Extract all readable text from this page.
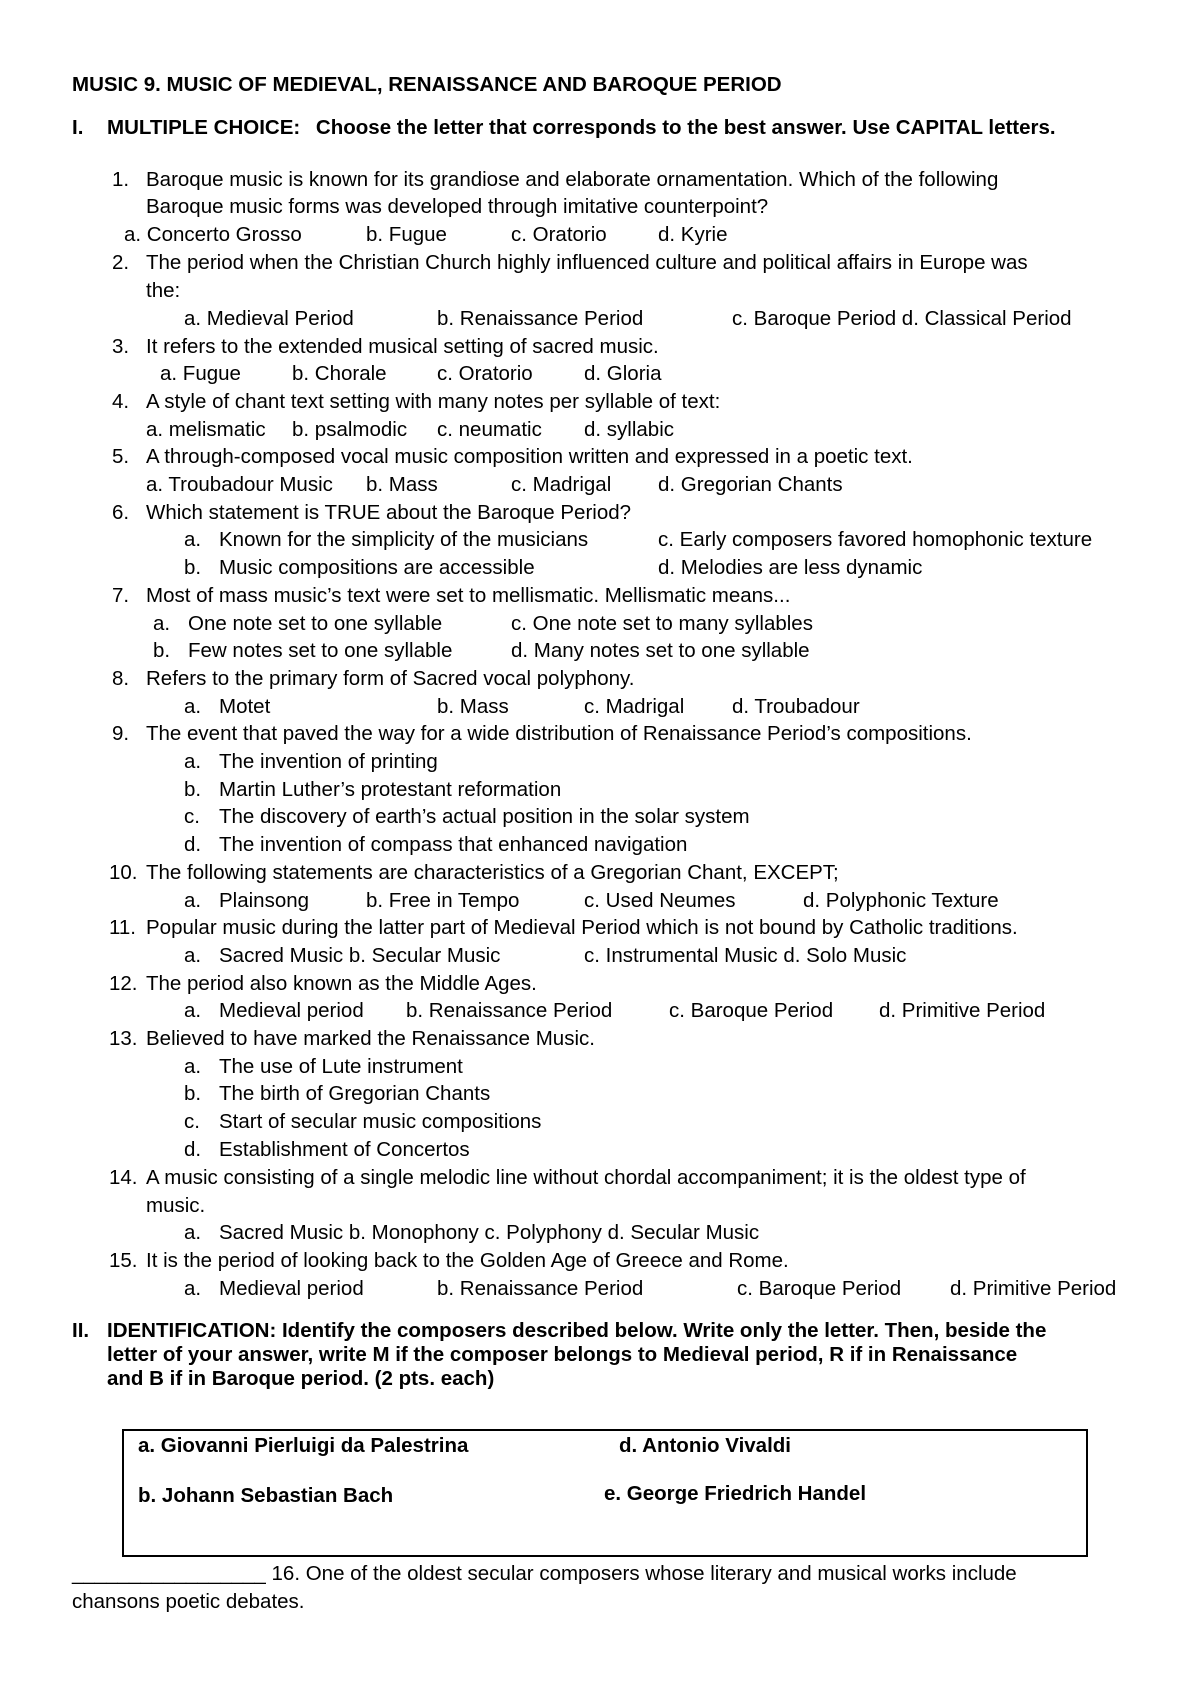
MUSIC 9. MUSIC OF MEDIEVAL, RENAISSANCE AND BAROQUE PERIOD
I. MULTIPLE CHOICE: Choose the letter that corresponds to the best answer. Use CAPITAL letters.
1. Baroque music is known for its grandiose and elaborate ornamentation. Which of the following
Baroque music forms was developed through imitative counterpoint?
a. Concerto Grosso	b. Fugue	c. Oratorio	d. Kyrie
2. The period when the Christian Church highly influenced culture and political affairs in Europe was
the:
a. Medieval Period	b. Renaissance Period	c. Baroque Period d. Classical Period
3. It refers to the extended musical setting of sacred music.
a. Fugue b. Chorale c. Oratorio	d. Gloria
4. A style of chant text setting with many notes per syllable of text:
a. melismatic b. psalmodic c. neumatic d. syllabic
5. A through-composed vocal music composition written and expressed in a poetic text.
a. Troubadour Music b. Mass	c. Madrigal d. Gregorian Chants
6. Which statement is TRUE about the Baroque Period?
a. Known for the simplicity of the musicians	c. Early composers favored homophonic texture
b. Music compositions are accessible	d. Melodies are less dynamic
7. Most of mass music’s text were set to mellismatic. Mellismatic means...
a. One note set to one syllable	c. One note set to many syllables
b. Few notes set to one syllable	d. Many notes set to one syllable
8. Refers to the primary form of Sacred vocal polyphony.
a. Motet	b. Mass	c. Madrigal d. Troubadour
9. The event that paved the way for a wide distribution of Renaissance Period’s compositions.
a. The invention of printing
b. Martin Luther’s protestant reformation
c. The discovery of earth’s actual position in the solar system
d. The invention of compass that enhanced navigation
10. The following statements are characteristics of a Gregorian Chant, EXCEPT;
a. Plainsong	b. Free in Tempo	c. Used Neumes	d. Polyphonic Texture
11. Popular music during the latter part of Medieval Period which is not bound by Catholic traditions.
a. Sacred Music b. Secular Music	c. Instrumental Music d. Solo Music
12. The period also known as the Middle Ages.
a. Medieval period b. Renaissance Period	c. Baroque Period d. Primitive Period
13. Believed to have marked the Renaissance Music.
a. The use of Lute instrument
b. The birth of Gregorian Chants
c. Start of secular music compositions
d. Establishment of Concertos
14. A music consisting of a single melodic line without chordal accompaniment; it is the oldest type of
music.
a. Sacred Music b. Monophony c. Polyphony d. Secular Music
15. It is the period of looking back to the Golden Age of Greece and Rome.
a. Medieval period	b. Renaissance Period	c. Baroque Period d. Primitive Period
II. IDENTIFICATION: Identify the composers described below. Write only the letter. Then, beside the
letter of your answer, write M if the composer belongs to Medieval period, R if in Renaissance
and B if in Baroque period. (2 pts. each)
a. Giovanni Pierluigi da Palestrina	d. Antonio Vivaldi
b. Johann Sebastian Bach	e. George Friedrich Handel
_________________ 16. One of the oldest secular composers whose literary and musical works include
chansons poetic debates.
